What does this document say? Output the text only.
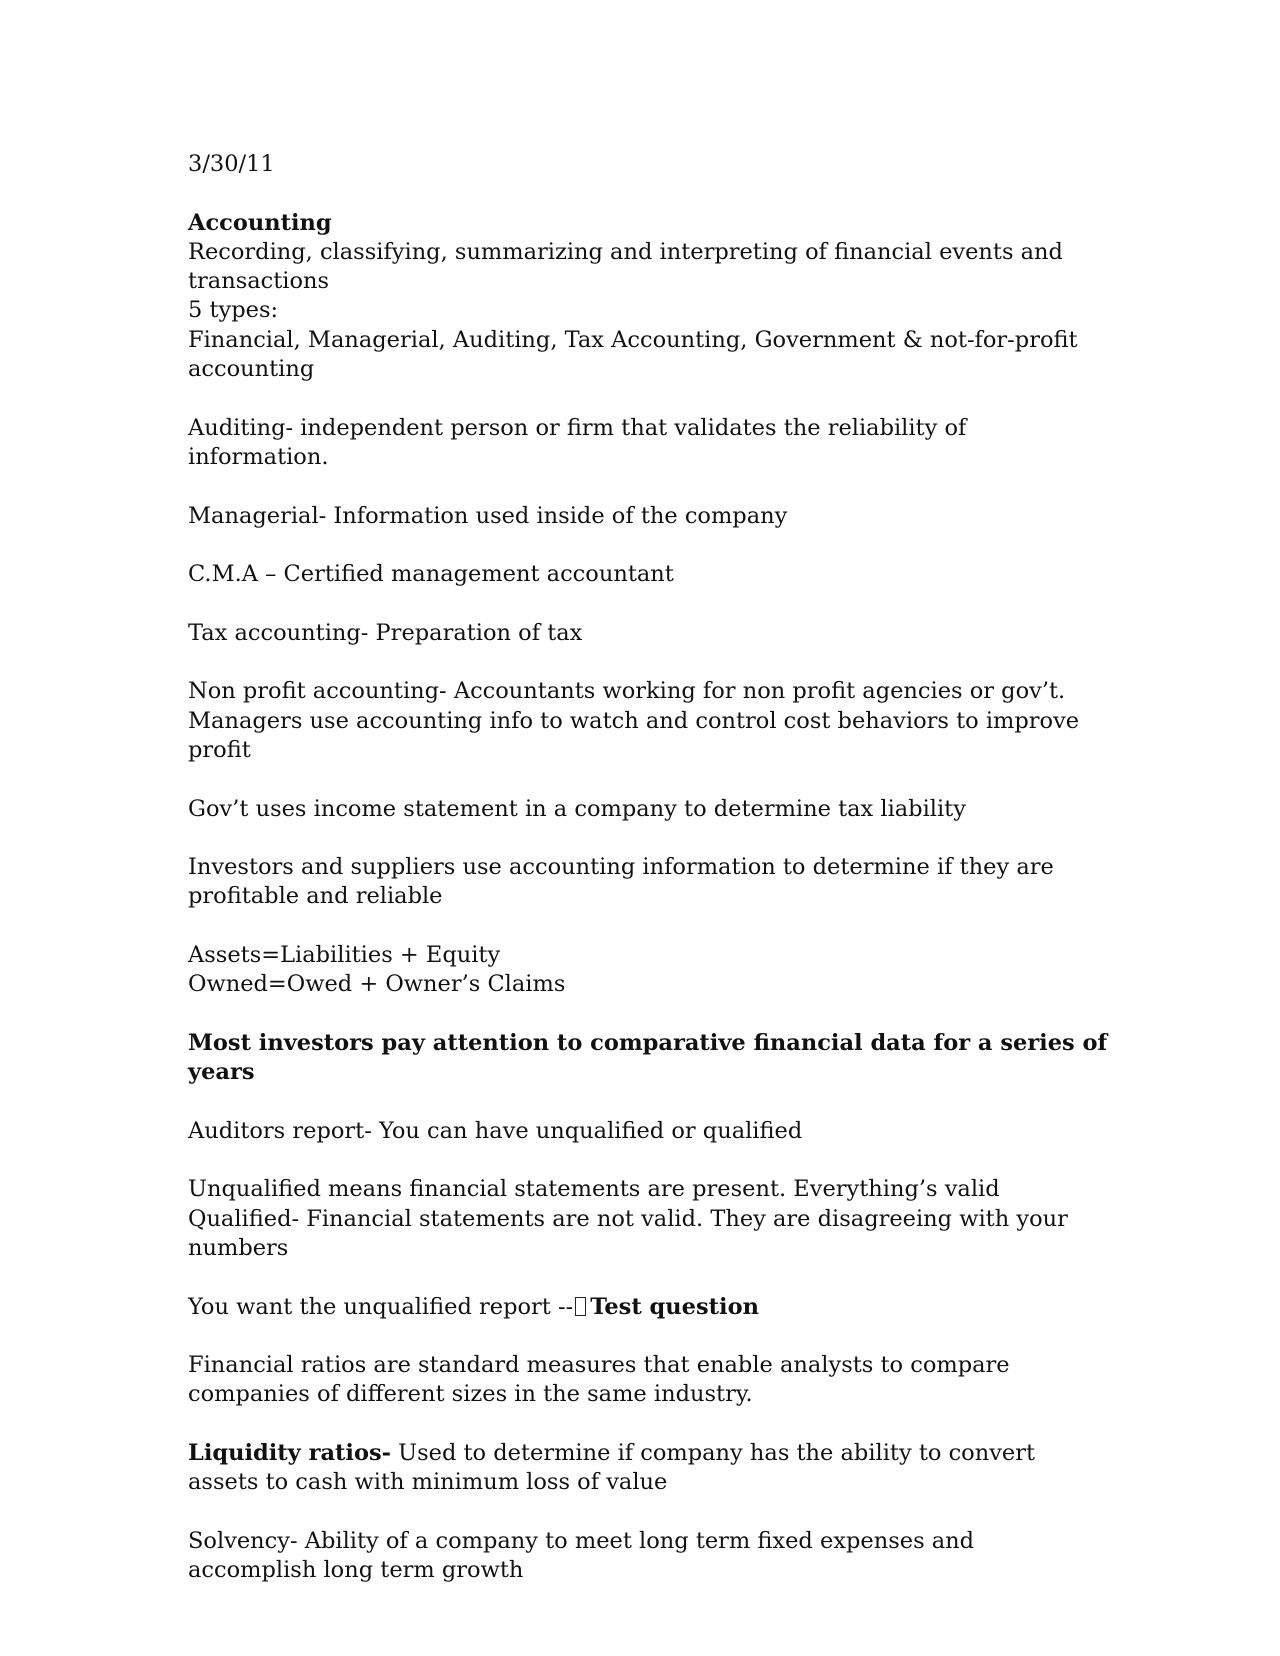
3/30/11

Accounting

Recording, classifying, summarizing and interpreting of financial events and transactions

5 types:

Financial, Managerial, Auditing, Tax Accounting, Government & not-for-profit accounting

Auditing- independent person or firm that validates the reliability of information.

Managerial- Information used inside of the company

C.M.A – Certified management accountant

Tax accounting- Preparation of tax

Non profit accounting- Accountants working for non profit agencies or gov’t.

Managers use accounting info to watch and control cost behaviors to improve profit

Gov’t uses income statement in a company to determine tax liability

Investors and suppliers use accounting information to determine if they are profitable and reliable

Assets=Liabilities + Equity

Owned=Owed + Owner’s Claims

Most investors pay attention to comparative financial data for a series of years

Auditors report- You can have unqualified or qualified

Unqualified means financial statements are present. Everything’s valid

Qualified- Financial statements are not valid. They are disagreeing with your numbers

You want the unqualified report -- Test question

Financial ratios are standard measures that enable analysts to compare companies of different sizes in the same industry.

Liquidity ratios- Used to determine if company has the ability to convert assets to cash with minimum loss of value

Solvency- Ability of a company to meet long term fixed expenses and accomplish long term growth
